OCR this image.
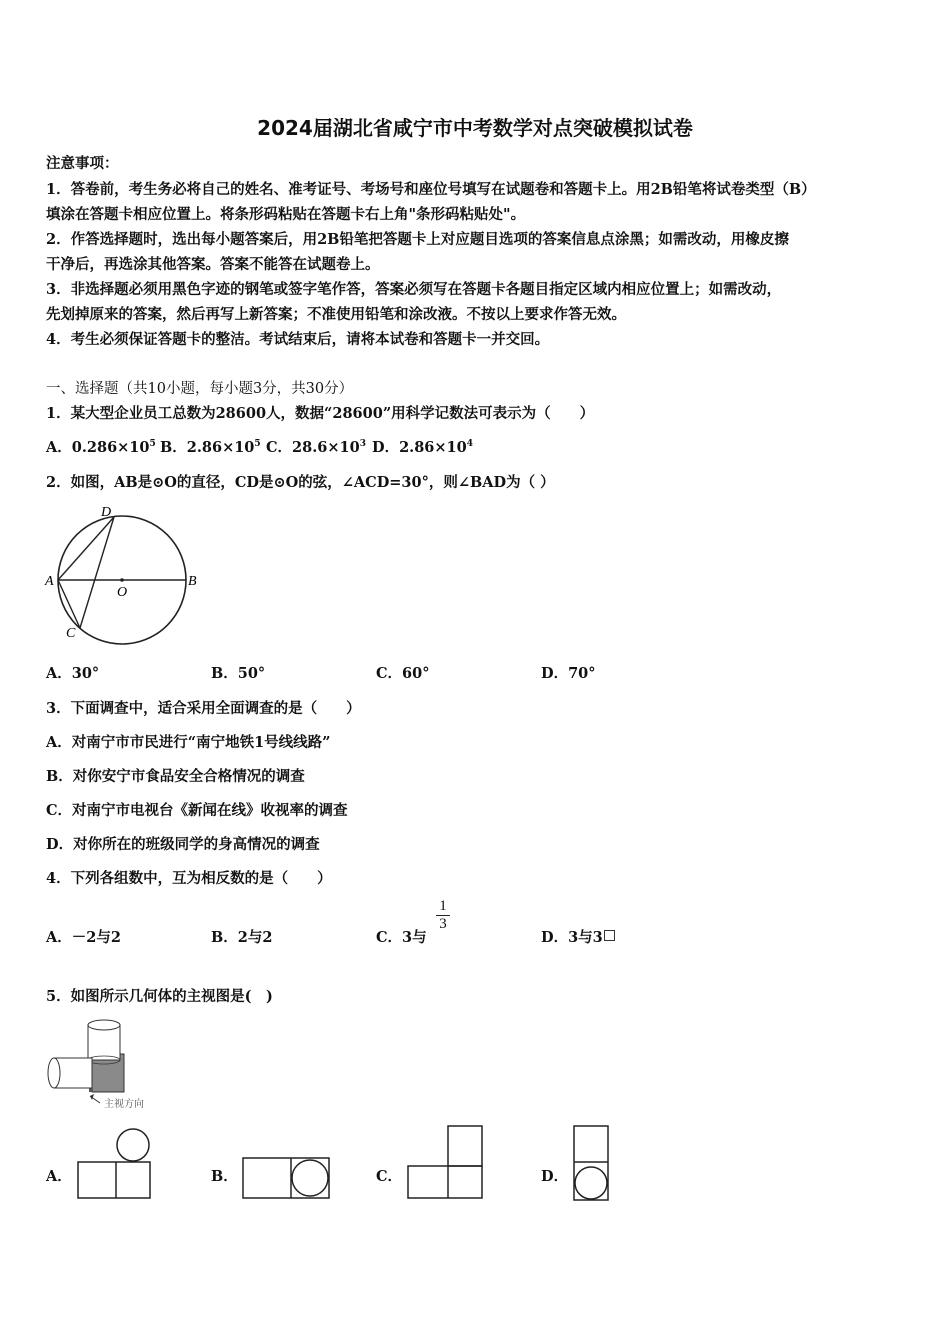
2024届湖北省咸宁市中考数学对点突破模拟试卷
注意事项：
1．答卷前，考生务必将自己的姓名、准考证号、考场号和座位号填写在试题卷和答题卡上。用2B铅笔将试卷类型（B）
填涂在答题卡相应位置上。将条形码粘贴在答题卡右上角"条形码粘贴处"。
2．作答选择题时，选出每小题答案后，用2B铅笔把答题卡上对应题目选项的答案信息点涂黑；如需改动，用橡皮擦
干净后，再选涂其他答案。答案不能答在试题卷上。
3．非选择题必须用黑色字迹的钢笔或签字笔作答，答案必须写在答题卡各题目指定区域内相应位置上；如需改动，
先划掉原来的答案，然后再写上新答案；不准使用铅笔和涂改液。不按以上要求作答无效。
4．考生必须保证答题卡的整洁。考试结束后，请将本试卷和答题卡一并交回。
一、选择题（共10小题，每小题3分，共30分）
1．某大型企业员工总数为28600人，数据“28600”用科学记数法可表示为（　　）
A．$0.286\times 10^5$ B．$2.86\times 10^5$ C．$28.6\times 10^3$ D．$2.86\times 10^4$
2．如图，AB是⊙O的直径，CD是⊙O的弦，∠ACD=30°，则∠BAD为（ ）
D
A	B
O
C
A．30°	B．50°	C．60°	D．70°
3．下面调查中，适合采用全面调查的是（　　）
A．对南宁市市民进行“南宁地铁1号线线路”
B．对你安宁市食品安全合格情况的调查
C．对南宁市电视台《新闻在线》收视率的调查
D．对你所在的班级同学的身高情况的调查
4．下列各组数中，互为相反数的是（　　）
A．－2与2	B．2与2	C．3与
$\frac{1}{3}$
D．3与3
5．如图所示几何体的主视图是(　)
主视方向
A．	B．	C．	D．
